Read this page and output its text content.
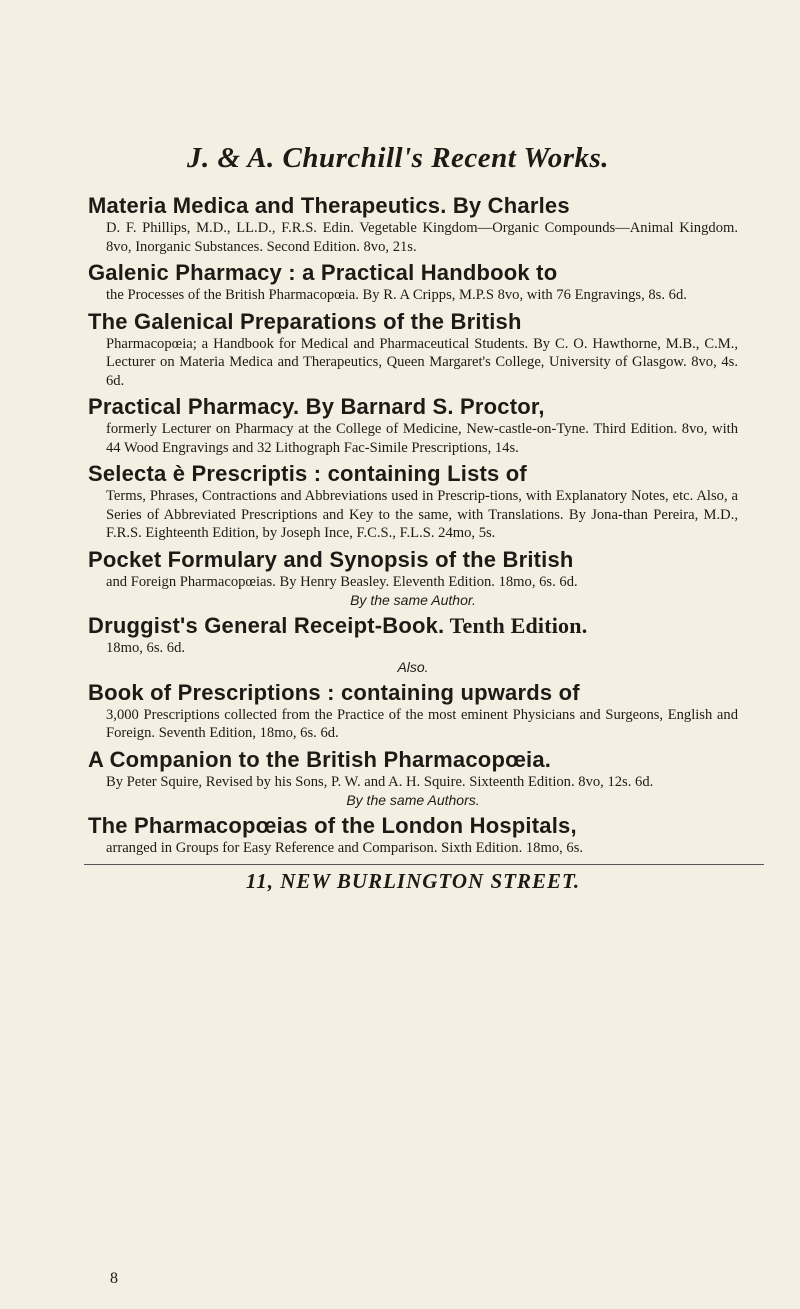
J. & A. Churchill's Recent Works.
Materia Medica and Therapeutics. By Charles
D. F. Phillips, M.D., LL.D., F.R.S. Edin. Vegetable Kingdom—Organic Compounds—Animal Kingdom. 8vo, Inorganic Substances. Second Edition. 8vo, 21s.
Galenic Pharmacy : a Practical Handbook to
the Processes of the British Pharmacopœia. By R. A Cripps, M.P.S 8vo, with 76 Engravings, 8s. 6d.
The Galenical Preparations of the British
Pharmacopœia; a Handbook for Medical and Pharmaceutical Students. By C. O. Hawthorne, M.B., C.M., Lecturer on Materia Medica and Therapeutics, Queen Margaret's College, University of Glasgow. 8vo, 4s. 6d.
Practical Pharmacy. By Barnard S. Proctor,
formerly Lecturer on Pharmacy at the College of Medicine, New-castle-on-Tyne. Third Edition. 8vo, with 44 Wood Engravings and 32 Lithograph Fac-Simile Prescriptions, 14s.
Selecta è Prescriptis : containing Lists of
Terms, Phrases, Contractions and Abbreviations used in Prescrip-tions, with Explanatory Notes, etc. Also, a Series of Abbreviated Prescriptions and Key to the same, with Translations. By Jona-than Pereira, M.D., F.R.S. Eighteenth Edition, by Joseph Ince, F.C.S., F.L.S. 24mo, 5s.
Pocket Formulary and Synopsis of the British
and Foreign Pharmacopœias. By Henry Beasley. Eleventh Edition. 18mo, 6s. 6d.
By the same Author.
Druggist's General Receipt-Book. Tenth Edition.
18mo, 6s. 6d.
Also.
Book of Prescriptions : containing upwards of
3,000 Prescriptions collected from the Practice of the most eminent Physicians and Surgeons, English and Foreign. Seventh Edition, 18mo, 6s. 6d.
A Companion to the British Pharmacopœia.
By Peter Squire, Revised by his Sons, P. W. and A. H. Squire. Sixteenth Edition. 8vo, 12s. 6d.
By the same Authors.
The Pharmacopœias of the London Hospitals,
arranged in Groups for Easy Reference and Comparison. Sixth Edition. 18mo, 6s.
11, NEW BURLINGTON STREET.
8
